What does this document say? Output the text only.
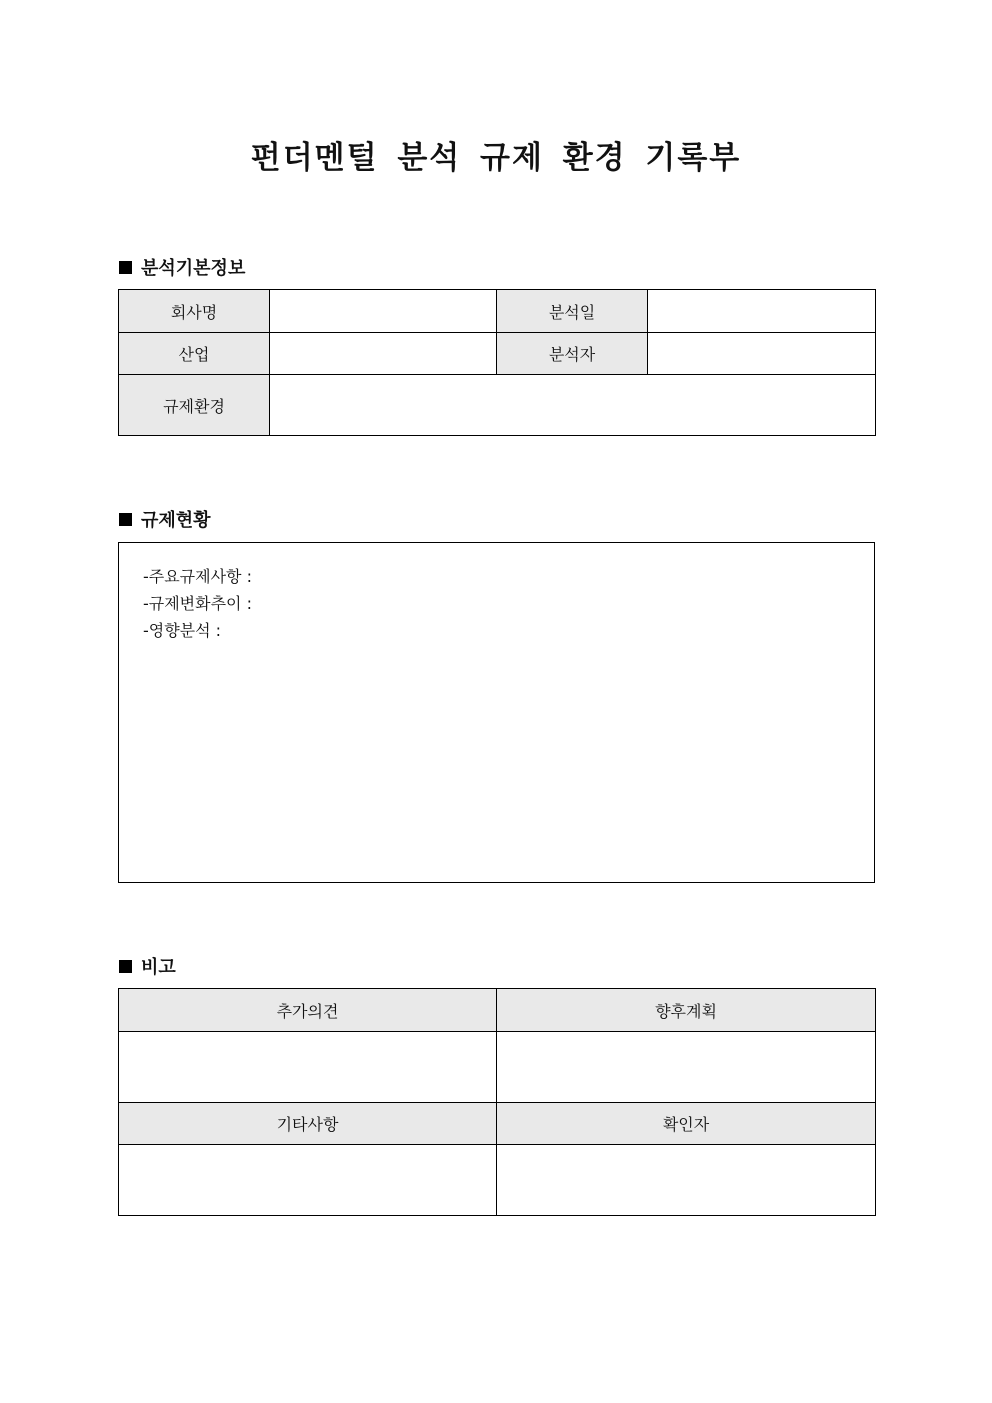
펀더멘털 분석 규제 환경 기록부
분석기본정보
회사명		분석일	
산업		분석자	
규제환경			
규제현황
-주요규제사항 :
-규제변화추이 :
-영향분석 :
비고
추가의견	향후계획

기타사항	확인자
